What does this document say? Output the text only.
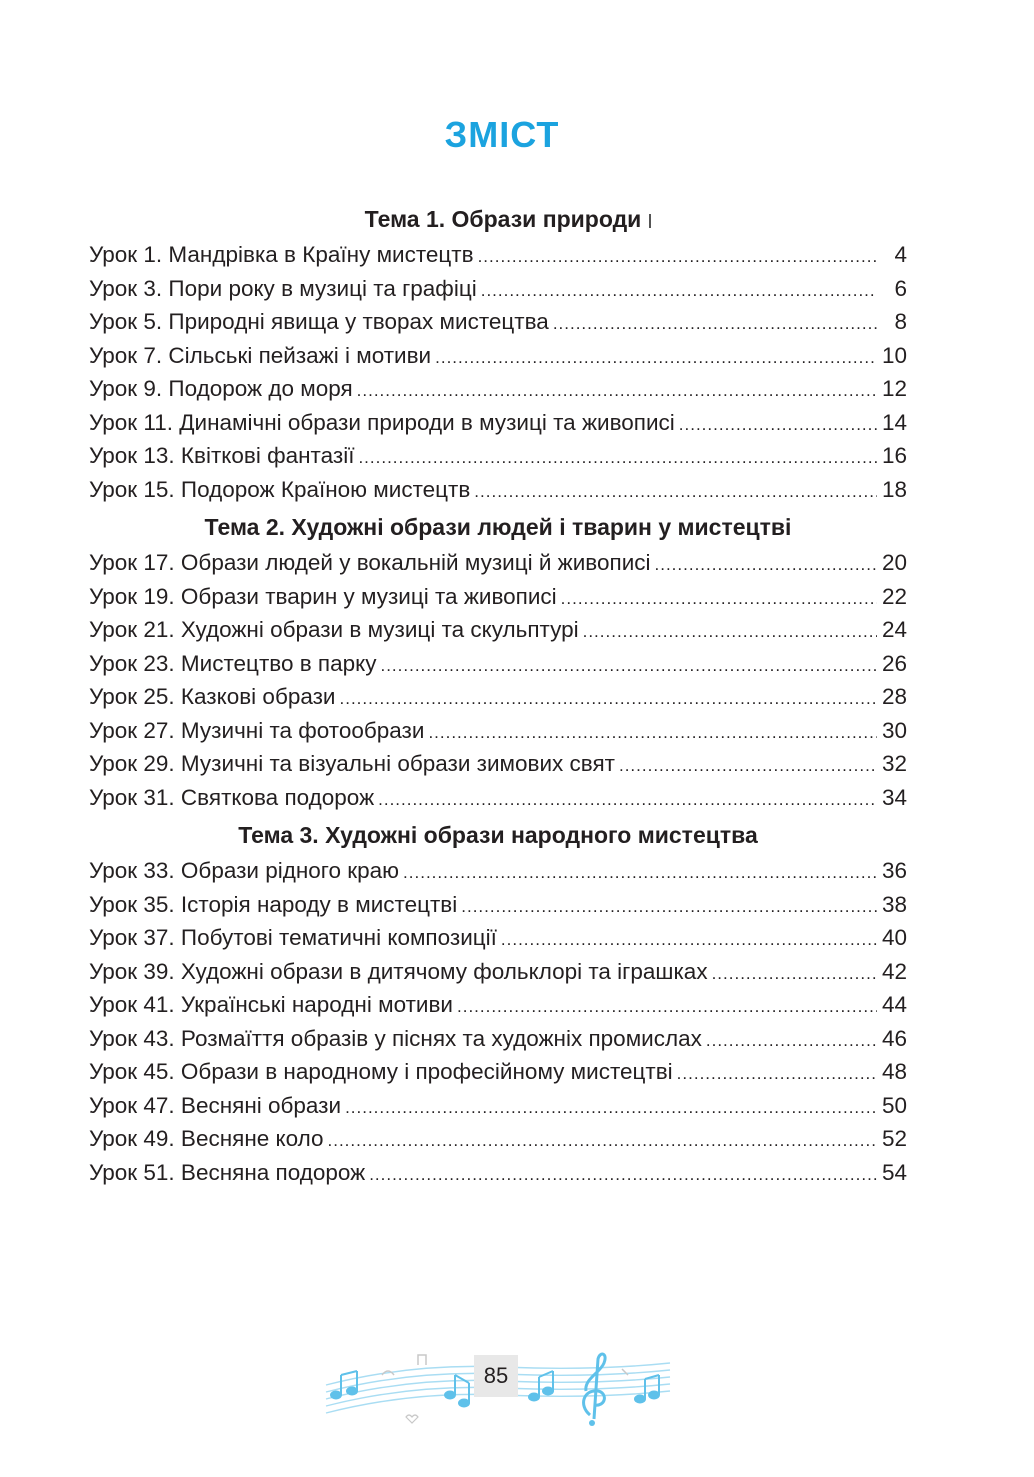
ЗМІСТ
Тема 1. Образи природи
Урок 1. Мандрівка в Країну мистецтв .....	4
Урок 3. Пори року в музиці та графіці .....	6
Урок 5. Природні явища у творах мистецтва .....	8
Урок 7. Сільські пейзажі і мотиви .....	10
Урок 9. Подорож до моря .....	12
Урок 11. Динамічні образи природи в музиці та живописі .....	14
Урок 13. Квіткові фантазії .....	16
Урок 15. Подорож Країною мистецтв .....	18
Тема 2. Художні образи людей і тварин у мистецтві
Урок 17. Образи людей у вокальній музиці й живописі .....	20
Урок 19. Образи тварин у музиці та живописі .....	22
Урок 21. Художні образи в музиці та скульптурі .....	24
Урок 23. Мистецтво в парку .....	26
Урок 25. Казкові образи .....	28
Урок 27. Музичні та фотообрази .....	30
Урок 29. Музичні та візуальні образи зимових свят .....	32
Урок 31. Святкова подорож .....	34
Тема 3. Художні образи народного мистецтва
Урок 33. Образи рідного краю .....	36
Урок 35. Історія народу в мистецтві .....	38
Урок 37. Побутові тематичні композиції .....	40
Урок 39. Художні образи в дитячому фольклорі та іграшках .....	42
Урок 41. Українські народні мотиви .....	44
Урок 43. Розмаїття образів у піснях та художніх промислах .....	46
Урок 45. Образи в народному і професійному мистецтві .....	48
Урок 47. Весняні образи .....	50
Урок 49. Весняне коло .....	52
Урок 51. Весняна подорож .....	54
85
